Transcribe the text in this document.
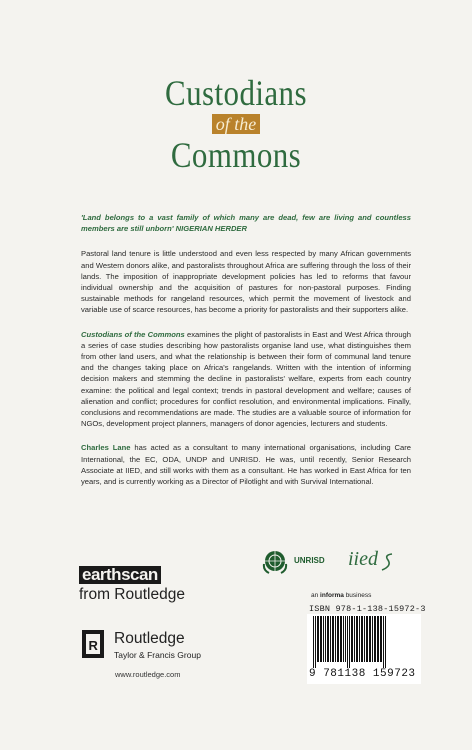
Custodians
of the
Commons

'Land belongs to a vast family of which many are dead, few are living and countless members are still unborn' NIGERIAN HERDER

Pastoral land tenure is little understood and even less respected by many African governments and Western donors alike, and pastoralists throughout Africa are suffering through the loss of their lands. The imposition of inappropriate development policies has led to reforms that favour individual ownership and the acquisition of pastures for non-pastoral purposes. Finding sustainable methods for rangeland resources, which permit the movement of livestock and variable use of scarce resources, has become a priority for pastoralists and their supporters alike.

Custodians of the Commons examines the plight of pastoralists in East and West Africa through a series of case studies describing how pastoralists organise land use, what distinguishes them from other land users, and what the relationship is between their form of communal land tenure and the changes taking place on Africa's rangelands. Written with the intention of informing decision makers and stemming the decline in pastoralists' welfare, experts from each country examine: the political and legal context; trends in pastoral development and welfare; causes of alienation and conflict; procedures for conflict resolution, and environmental implications. Finally, conclusions and recommendations are made. The studies are a valuable source of information for NGOs, development project planners, managers of donor agencies, lecturers and students.

Charles Lane has acted as a consultant to many international organisations, including Care International, the EC, ODA, UNDP and UNRISD. He was, until recently, Senior Research Associate at IIED, and still works with them as a consultant. He has worked in East Africa for ten years, and is currently working as a Director of Pilotlight and with Survival International.

UNRISD iied
an informa business
ISBN 978-1-138-15972-3
9 781138 159723
earthscan
from Routledge
R Routledge
Taylor & Francis Group
www.routledge.com
